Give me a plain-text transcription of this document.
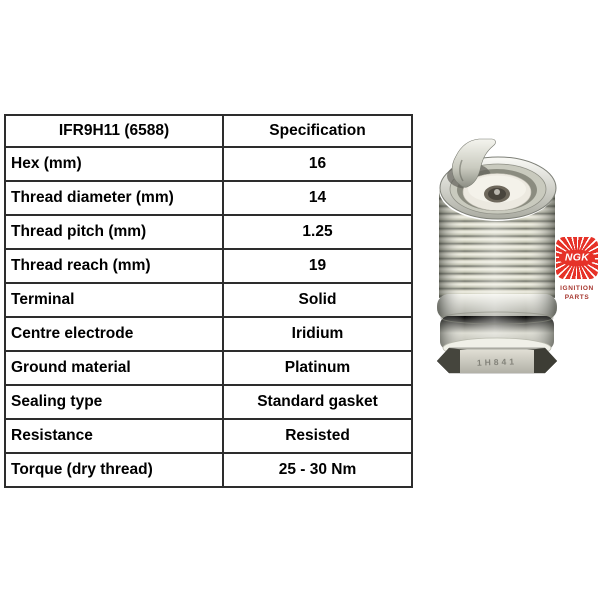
IFR9H11 (6588)	Specification
Hex (mm)	16
Thread diameter (mm)	14
Thread pitch (mm)	1.25
Thread reach (mm)	19
Terminal	Solid
Centre electrode	Iridium
Ground material	Platinum
Sealing type	Standard gasket
Resistance	Resisted
Torque (dry thread)	25 - 30 Nm
1H841
NGK
IGNITION
PARTS
